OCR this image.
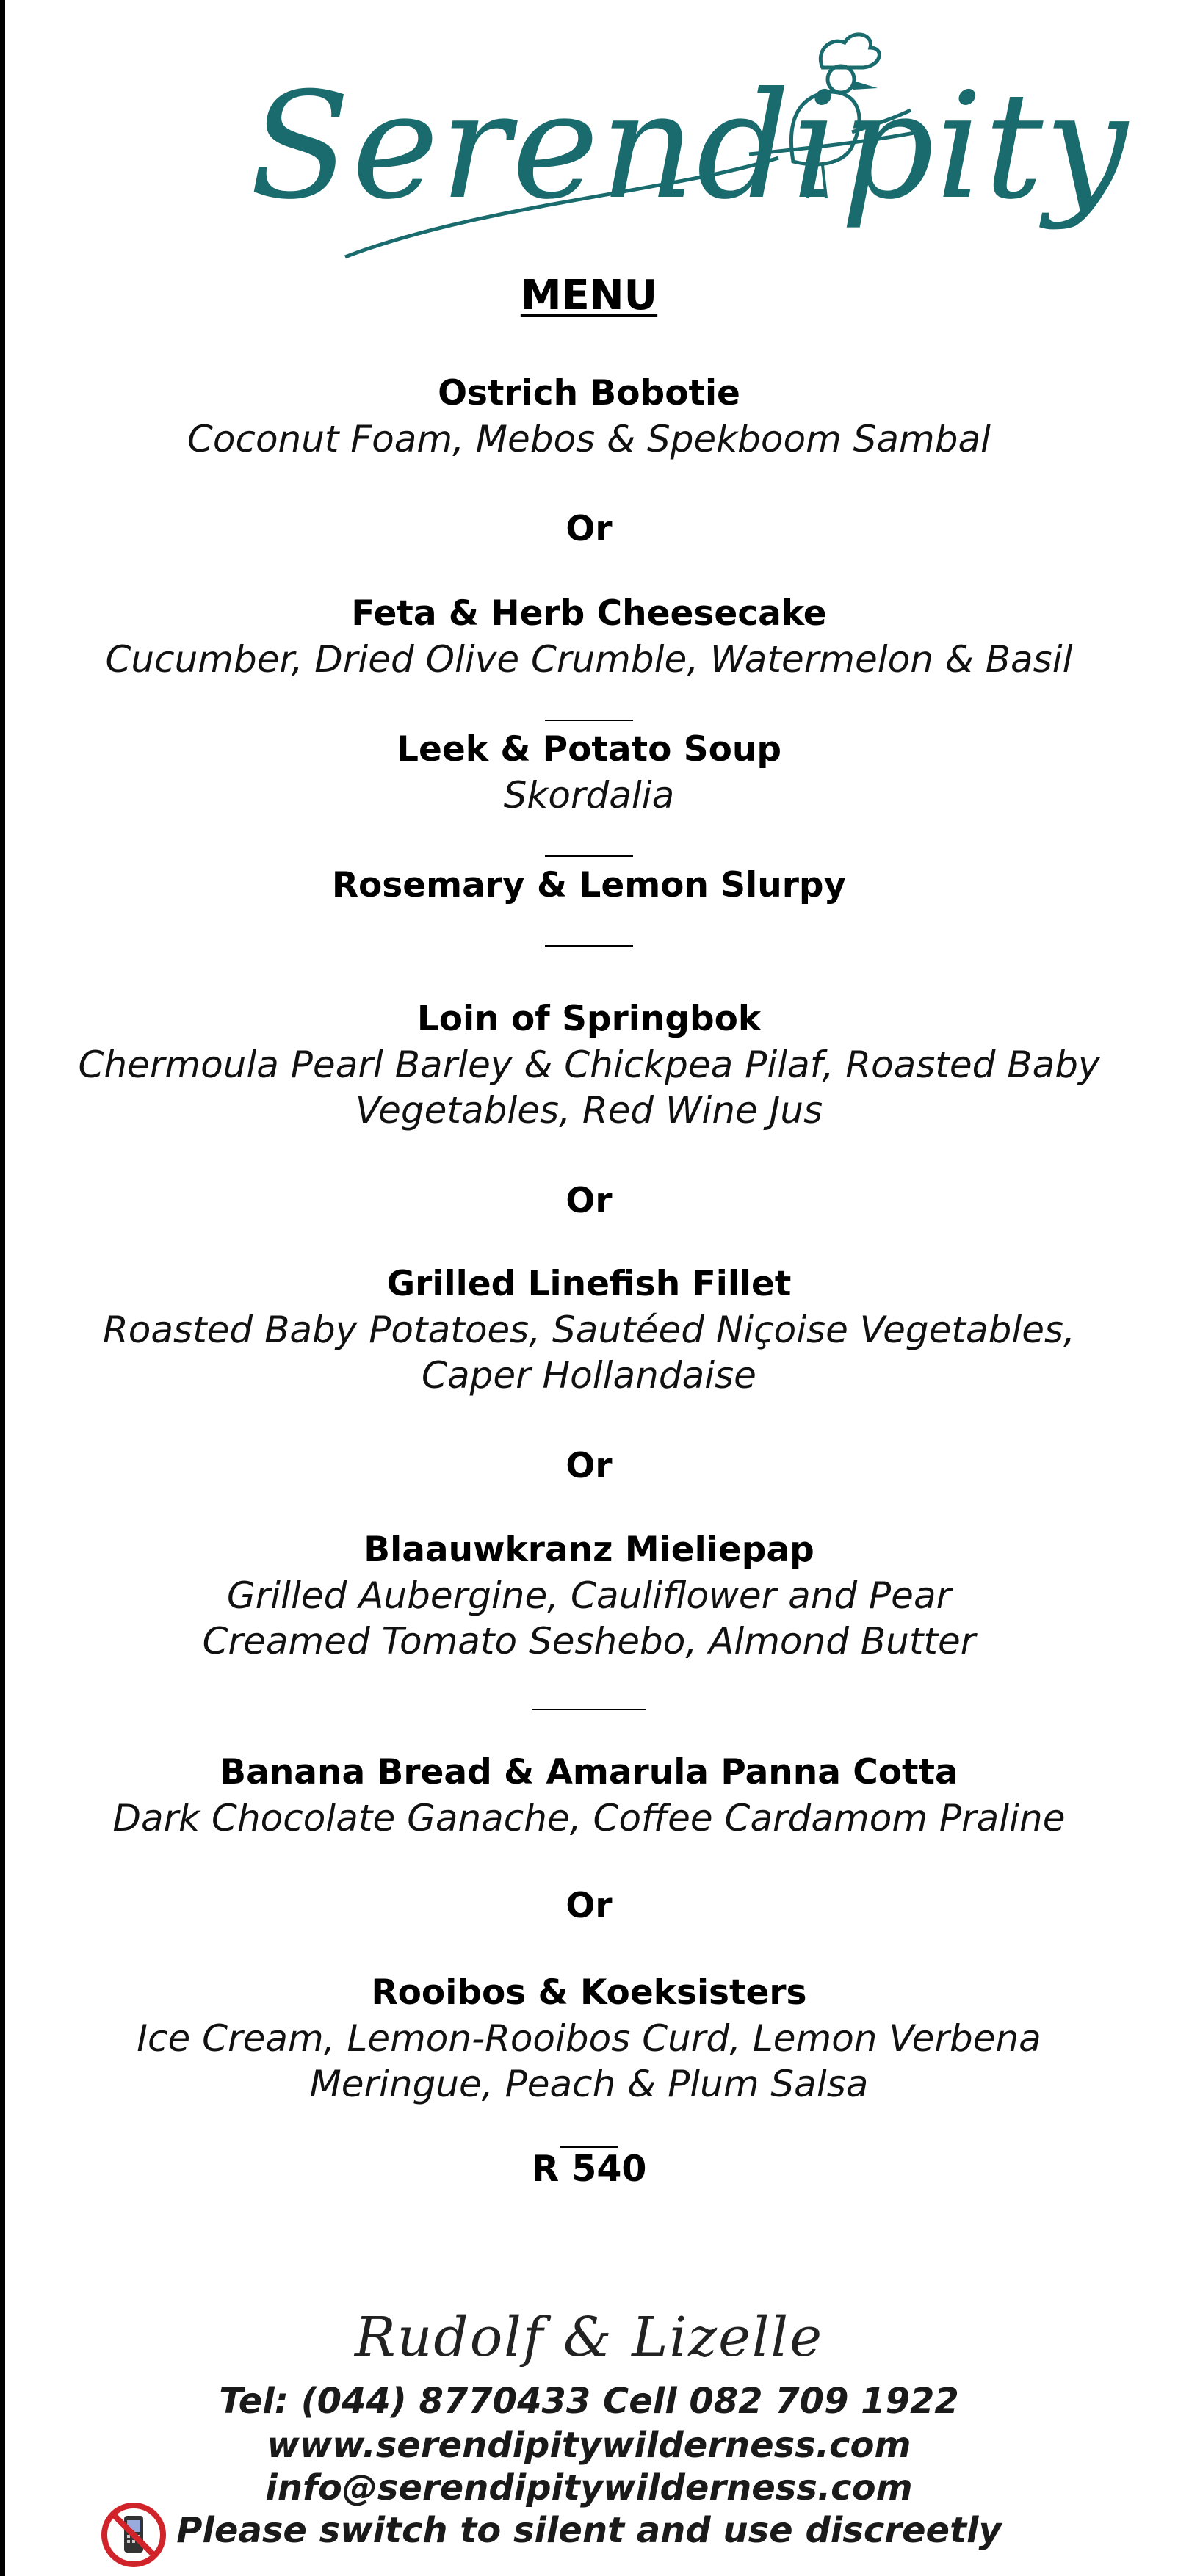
Serendipity

MENU

Ostrich Bobotie

Coconut Foam, Mebos & Spekboom Sambal

Or

Feta & Herb Cheesecake

Cucumber, Dried Olive Crumble, Watermelon & Basil

Leek & Potato Soup

Skordalia

Rosemary & Lemon Slurpy

Loin of Springbok

Chermoula Pearl Barley & Chickpea Pilaf, Roasted Baby

Vegetables, Red Wine Jus

Or

Grilled Linefish Fillet

Roasted Baby Potatoes, Sautéed Niçoise Vegetables,

Caper Hollandaise

Or

Blaauwkranz Mieliepap

Grilled Aubergine, Cauliflower and Pear

Creamed Tomato Seshebo, Almond Butter

Banana Bread & Amarula Panna Cotta

Dark Chocolate Ganache, Coffee Cardamom Praline

Or

Rooibos & Koeksisters

Ice Cream, Lemon-Rooibos Curd, Lemon Verbena

Meringue, Peach & Plum Salsa

R 540

Rudolf & Lizelle

Tel: (044) 8770433 Cell 082 709 1922

www.serendipitywilderness.com

info@serendipitywilderness.com

Please switch to silent and use discreetly
